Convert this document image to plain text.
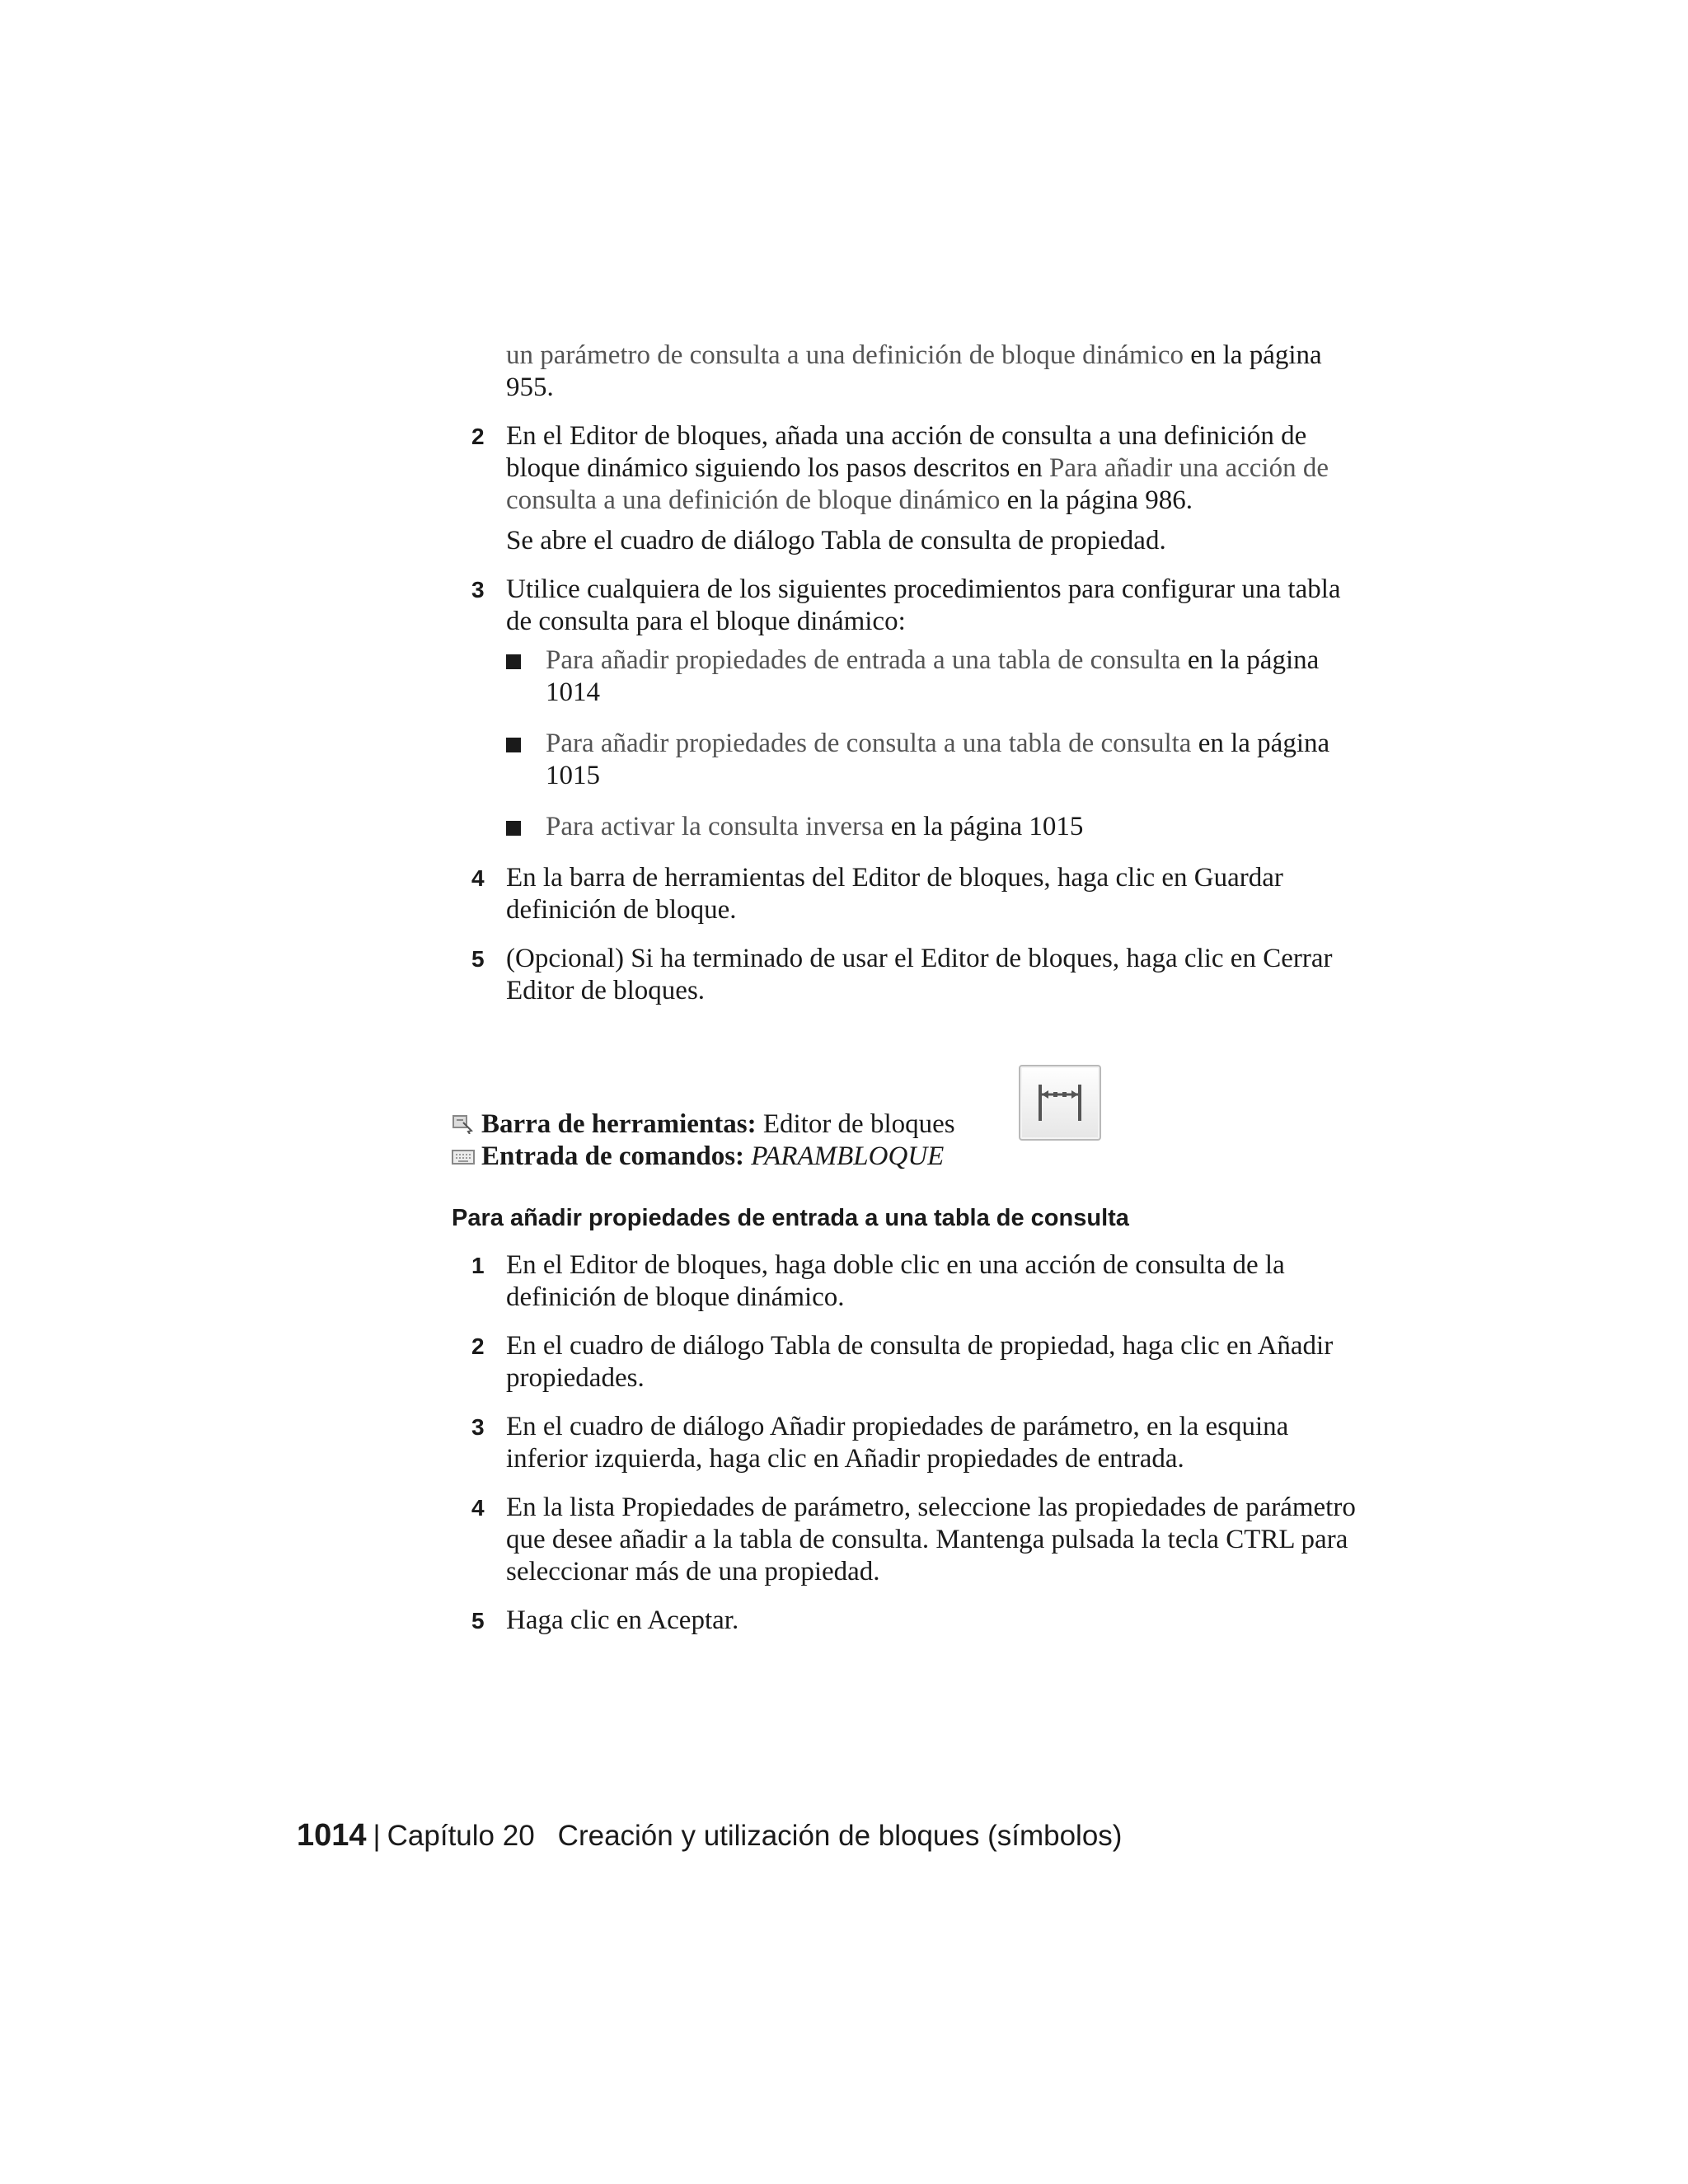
un parámetro de consulta a una definición de bloque dinámico en la página 955.

2 En el Editor de bloques, añada una acción de consulta a una definición de bloque dinámico siguiendo los pasos descritos en Para añadir una acción de consulta a una definición de bloque dinámico en la página 986.

Se abre el cuadro de diálogo Tabla de consulta de propiedad.

3 Utilice cualquiera de los siguientes procedimientos para configurar una tabla de consulta para el bloque dinámico:

Para añadir propiedades de entrada a una tabla de consulta en la página 1014
Para añadir propiedades de consulta a una tabla de consulta en la página 1015
Para activar la consulta inversa en la página 1015
4 En la barra de herramientas del Editor de bloques, haga clic en Guardar definición de bloque.

5 (Opcional) Si ha terminado de usar el Editor de bloques, haga clic en Cerrar Editor de bloques.

Barra de herramientas: Editor de bloques
Entrada de comandos: PARAMBLOQUE
Para añadir propiedades de entrada a una tabla de consulta
1 En el Editor de bloques, haga doble clic en una acción de consulta de la definición de bloque dinámico.

2 En el cuadro de diálogo Tabla de consulta de propiedad, haga clic en Añadir propiedades.

3 En el cuadro de diálogo Añadir propiedades de parámetro, en la esquina inferior izquierda, haga clic en Añadir propiedades de entrada.

4 En la lista Propiedades de parámetro, seleccione las propiedades de parámetro que desee añadir a la tabla de consulta. Mantenga pulsada la tecla CTRL para seleccionar más de una propiedad.

5 Haga clic en Aceptar.

1014 | Capítulo 20 Creación y utilización de bloques (símbolos)
